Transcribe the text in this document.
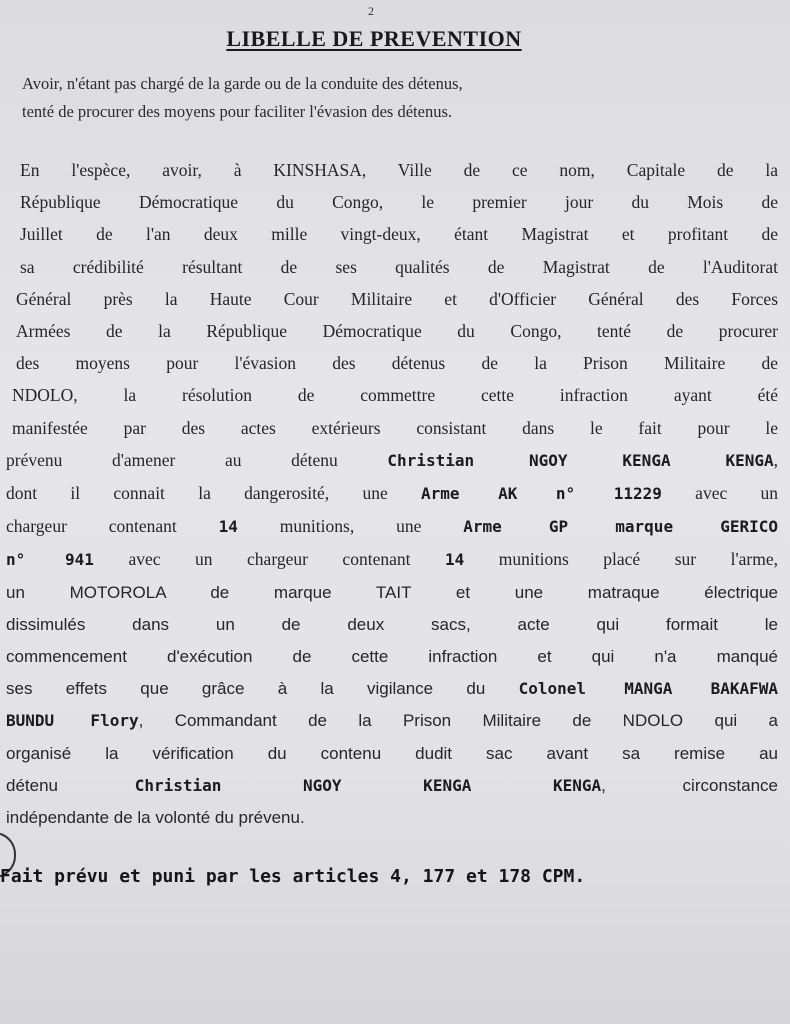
2
LIBELLE DE PREVENTION
Avoir, n'étant pas chargé de la garde ou de la conduite des détenus,
tenté de procurer des moyens pour faciliter l'évasion des détenus.
En l'espèce, avoir, à KINSHASA, Ville de ce nom, Capitale de la
République Démocratique du Congo, le premier jour du Mois de
Juillet de l'an deux mille vingt-deux, étant Magistrat et profitant de
sa crédibilité résultant de ses qualités de Magistrat de l'Auditorat
Général près la Haute Cour Militaire et d'Officier Général des Forces
Armées de la République Démocratique du Congo, tenté de procurer
des moyens pour l'évasion des détenus de la Prison Militaire de
NDOLO, la résolution de commettre cette infraction ayant été
manifestée par des actes extérieurs consistant dans le fait pour le
prévenu d'amener au détenu Christian NGOY KENGA KENGA,
dont il connait la dangerosité, une Arme AK n° 11229 avec un
chargeur contenant 14 munitions, une Arme GP marque GERICO
n° 941 avec un chargeur contenant 14 munitions placé sur l'arme,
un MOTOROLA de marque TAIT et une matraque électrique
dissimulés dans un de deux sacs, acte qui formait le
commencement d'exécution de cette infraction et qui n'a manqué
ses effets que grâce à la vigilance du Colonel MANGA BAKAFWA
BUNDU Flory, Commandant de la Prison Militaire de NDOLO qui a
organisé la vérification du contenu dudit sac avant sa remise au
détenu Christian NGOY KENGA KENGA, circonstance
indépendante de la volonté du prévenu.
Fait prévu et puni par les articles 4, 177 et 178 CPM.
